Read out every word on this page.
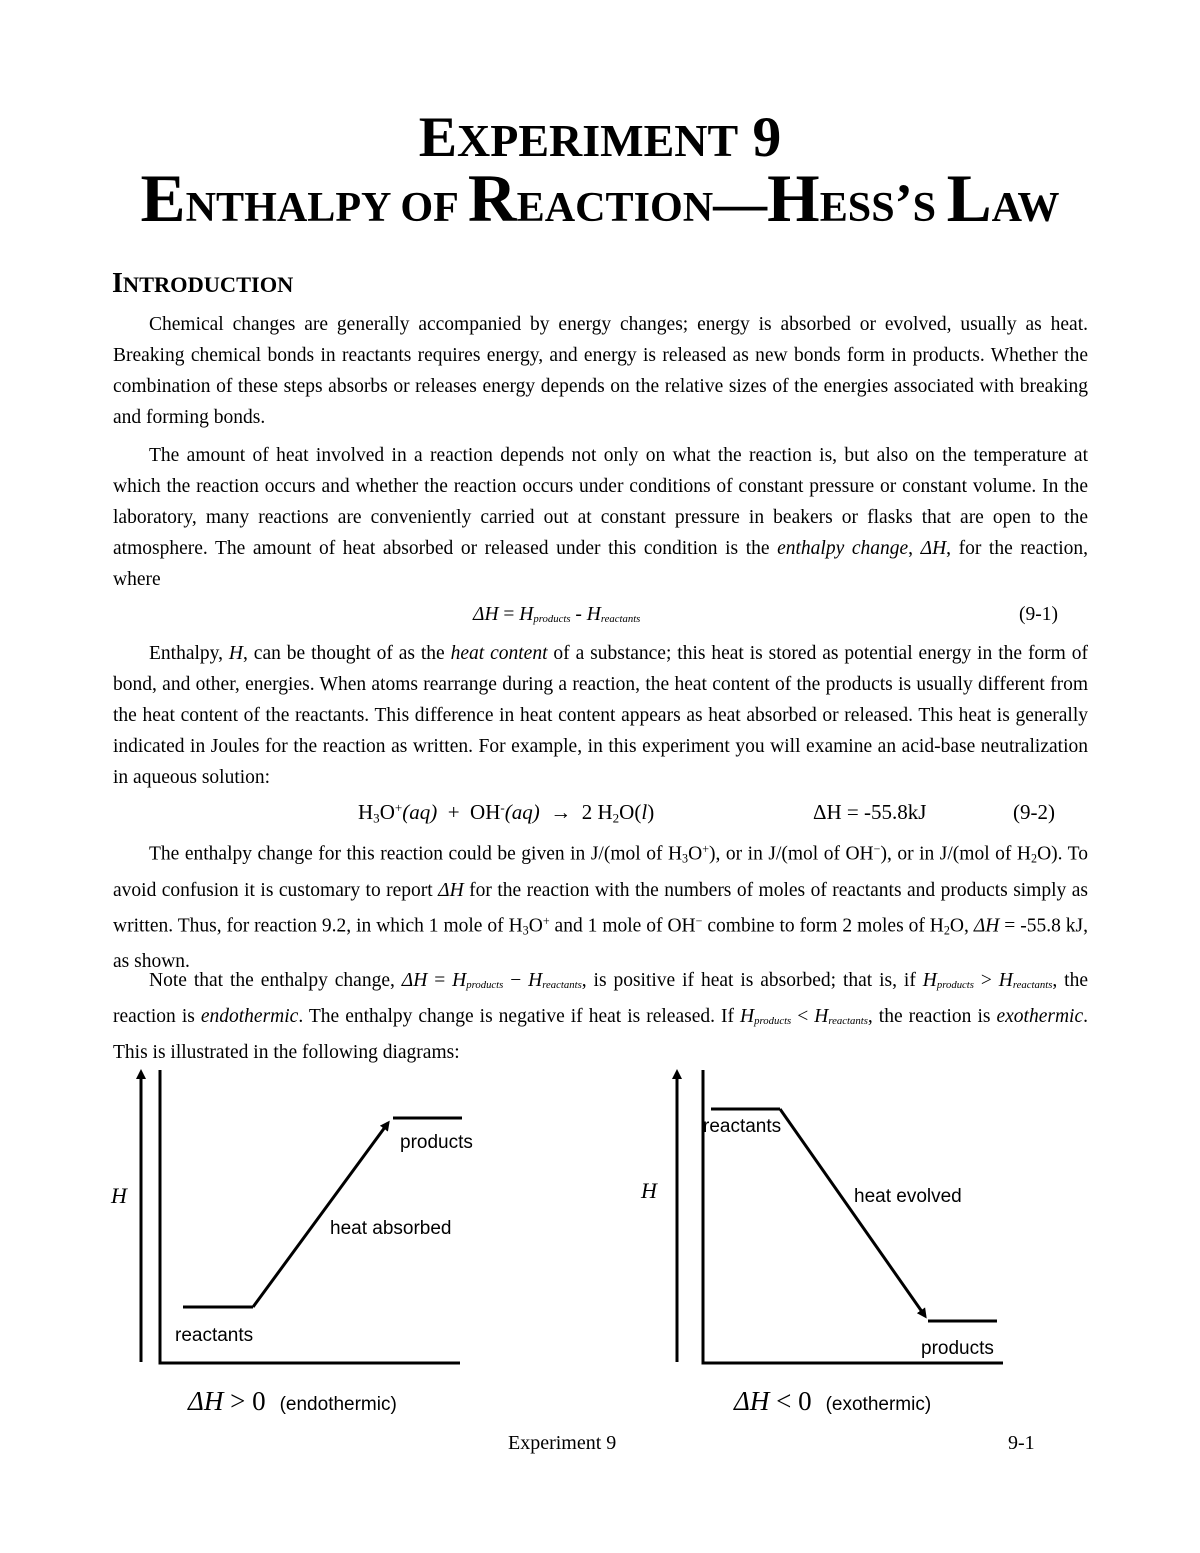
EXPERIMENT 9
ENTHALPY OF REACTION—HESS’S LAW
INTRODUCTION
Chemical changes are generally accompanied by energy changes; energy is absorbed or evolved, usually as heat. Breaking chemical bonds in reactants requires energy, and energy is released as new bonds form in products. Whether the combination of these steps absorbs or releases energy depends on the relative sizes of the energies associated with breaking and forming bonds.
The amount of heat involved in a reaction depends not only on what the reaction is, but also on the temperature at which the reaction occurs and whether the reaction occurs under conditions of constant pressure or constant volume. In the laboratory, many reactions are conveniently carried out at constant pressure in beakers or flasks that are open to the atmosphere. The amount of heat absorbed or released under this condition is the enthalpy change, ΔH, for the reaction, where
$\Delta H = H_{products} - H_{reactants}$	(9-1)
Enthalpy, H, can be thought of as the heat content of a substance; this heat is stored as potential energy in the form of bond, and other, energies. When atoms rearrange during a reaction, the heat content of the products is usually different from the heat content of the reactants. This difference in heat content appears as heat absorbed or released. This heat is generally indicated in Joules for the reaction as written. For example, in this experiment you will examine an acid-base neutralization in aqueous solution:
$H_3O^+(aq) + OH^-(aq) \to 2$ $H_2O(l)$	ΔH = -55.8kJ	(9-2)
The enthalpy change for this reaction could be given in J/(mol of $H_3O^+$), or in J/(mol of OH−), or in J/(mol of $H_2O$). To avoid confusion it is customary to report ΔH for the reaction with the numbers of moles of reactants and products simply as written. Thus, for reaction 9.2, in which 1 mole of $H_3O^+$ and 1 mole of OH− combine to form 2 moles of $H_2O$, ΔH = -55.8 kJ, as shown.
Note that the enthalpy change, $\Delta H = H_{products} - H_{reactants}$, is positive if heat is absorbed; that is, if $H_{products} > H_{reactants}$, the reaction is endothermic. The enthalpy change is negative if heat is released. If $H_{products} < H_{reactants}$, the reaction is exothermic. This is illustrated in the following diagrams:
H
products
heat absorbed
reactants
ΔH > 0 (endothermic)
H
reactants
heat evolved
products
ΔH < 0 (exothermic)
Experiment 9	9-1
